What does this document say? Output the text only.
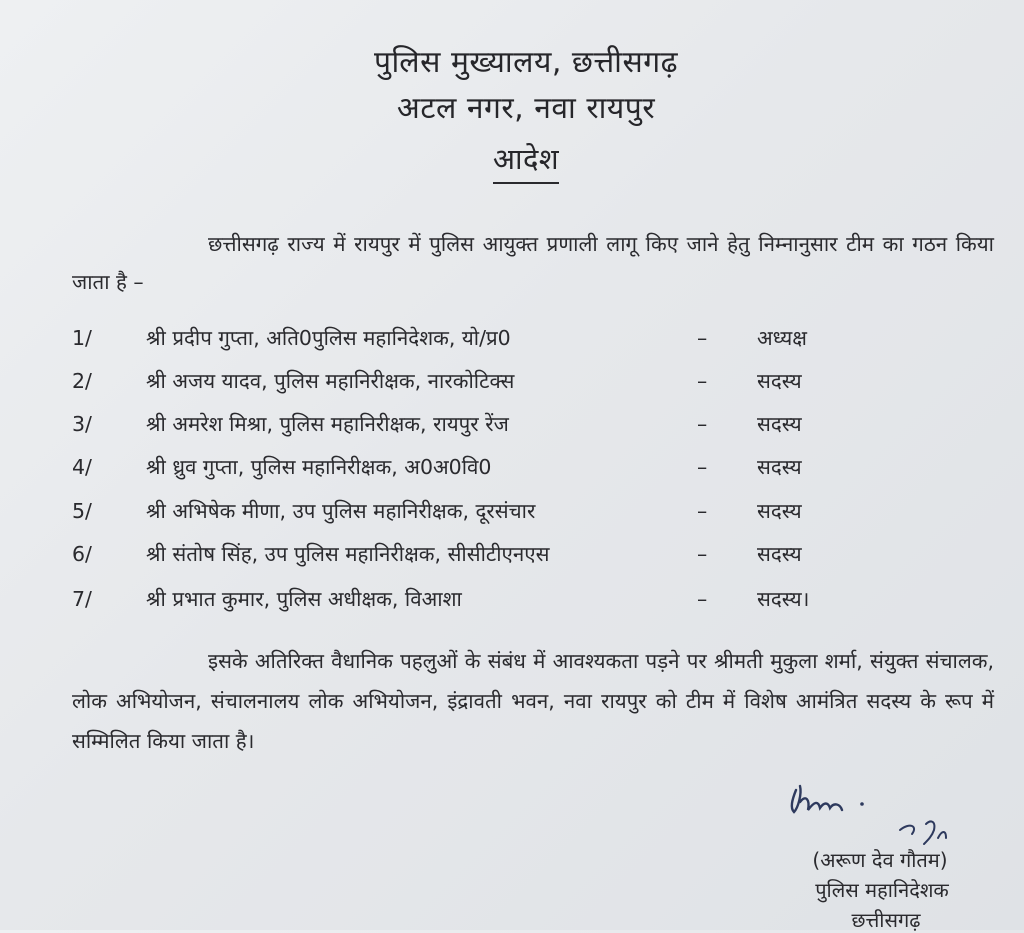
पुलिस मुख्यालय, छत्तीसगढ़
अटल नगर, नवा रायपुर
आदेश
छत्तीसगढ़ राज्य में रायपुर में पुलिस आयुक्त प्रणाली लागू किए जाने हेतु निम्नानुसार टीम का गठन किया जाता है –
1/	श्री प्रदीप गुप्ता, अति0पुलिस महानिदेशक, यो/प्र0	– अध्यक्ष
2/	श्री अजय यादव, पुलिस महानिरीक्षक, नारकोटिक्स	– सदस्य
3/	श्री अमरेश मिश्रा, पुलिस महानिरीक्षक, रायपुर रेंज	– सदस्य
4/	श्री ध्रुव गुप्ता, पुलिस महानिरीक्षक, अ0अ0वि0	– सदस्य
5/	श्री अभिषेक मीणा, उप पुलिस महानिरीक्षक, दूरसंचार	– सदस्य
6/	श्री संतोष सिंह, उप पुलिस महानिरीक्षक, सीसीटीएनएस	– सदस्य
7/	श्री प्रभात कुमार, पुलिस अधीक्षक, विआशा	– सदस्य।
इसके अतिरिक्त वैधानिक पहलुओं के संबंध में आवश्यकता पड़ने पर श्रीमती मुकुला शर्मा, संयुक्त संचालक, लोक अभियोजन, संचालनालय लोक अभियोजन, इंद्रावती भवन, नवा रायपुर को टीम में विशेष आमंत्रित सदस्य के रूप में सम्मिलित किया जाता है।
(अरूण देव गौतम)
पुलिस महानिदेशक
छत्तीसगढ़
